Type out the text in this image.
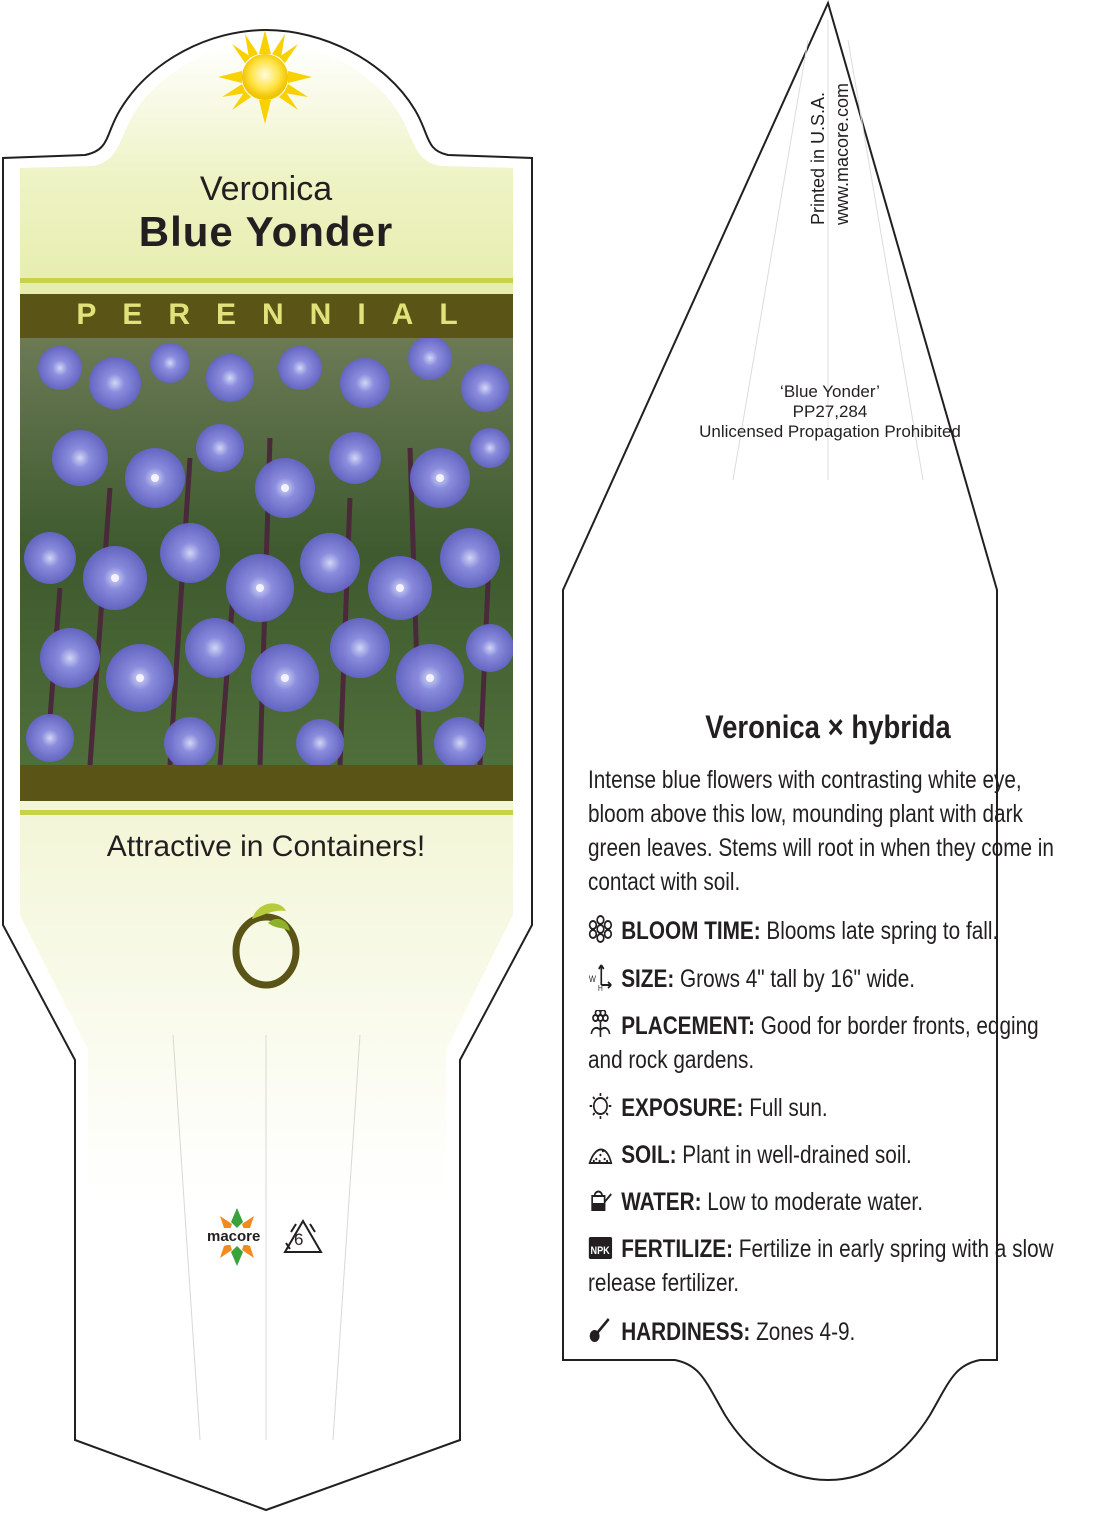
Veronica
Blue Yonder
PERENNIAL
Attractive in Containers!
macore 6
Printed in U.S.A. www.macore.com
‘Blue Yonder’
PP27,284
Unlicensed Propagation Prohibited
Veronica × hybrida
Intense blue flowers with contrasting white eye, bloom above this low, mounding plant with dark green leaves. Stems will root in when they come in contact with soil.
BLOOM TIME: Blooms late spring to fall.
W
H SIZE: Grows 4" tall by 16" wide.
PLACEMENT: Good for border fronts, edging and rock gardens.
EXPOSURE: Full sun.
SOIL: Plant in well-drained soil.
WATER: Low to moderate water.
NPK FERTILIZE: Fertilize in early spring with a slow release fertilizer.
HARDINESS: Zones 4-9.
